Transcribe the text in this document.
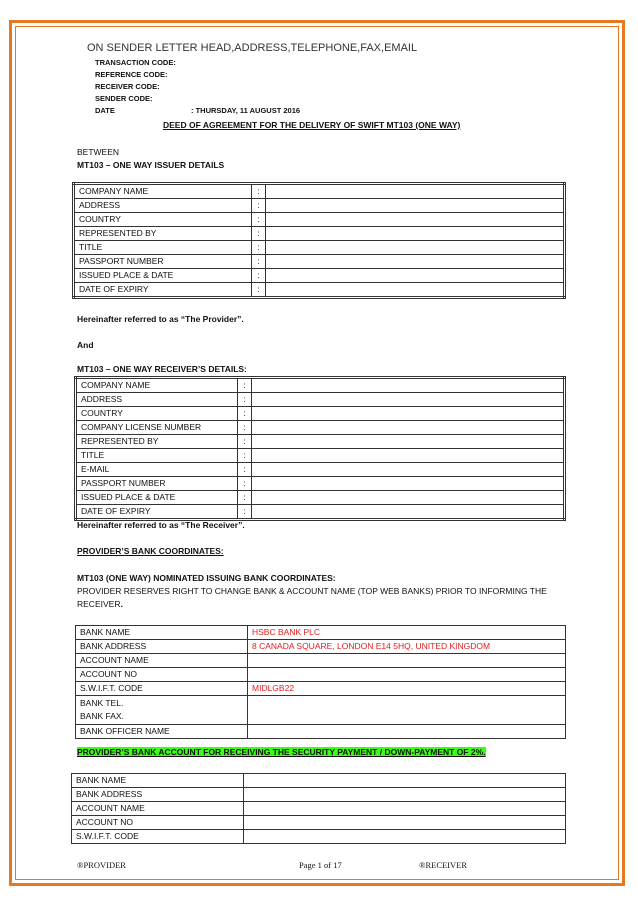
ON SENDER LETTER HEAD,ADDRESS,TELEPHONE,FAX,EMAIL
TRANSACTION CODE:
REFERENCE CODE:
RECEIVER CODE:
SENDER CODE:
DATE	: THURSDAY, 11 AUGUST 2016
DEED OF AGREEMENT FOR THE DELIVERY OF SWIFT MT103 (ONE WAY)
BETWEEN
MT103 – ONE WAY ISSUER DETAILS
COMPANY NAME	:	
ADDRESS	:	
COUNTRY	:	
REPRESENTED BY	:	
TITLE	:	
PASSPORT NUMBER	:	
ISSUED PLACE & DATE	:	
DATE OF EXPIRY	:	
Hereinafter referred to as “The Provider”.
And
MT103 – ONE WAY RECEIVER’S DETAILS:
COMPANY NAME	:	
ADDRESS	:	
COUNTRY	:	
COMPANY LICENSE NUMBER	:	
REPRESENTED BY	:	
TITLE	:	
E-MAIL	:	
PASSPORT NUMBER	:	
ISSUED PLACE & DATE	:	
DATE OF EXPIRY	:	
Hereinafter referred to as “The Receiver”.
PROVIDER’S BANK COORDINATES:
MT103 (ONE WAY) NOMINATED ISSUING BANK COORDINATES:
PROVIDER RESERVES RIGHT TO CHANGE BANK & ACCOUNT NAME (TOP WEB BANKS) PRIOR TO INFORMING THE
RECEIVER.
BANK NAME	HSBC BANK PLC
BANK ADDRESS	8 CANADA SQUARE, LONDON E14 5HQ, UNITED KINGDOM
ACCOUNT NAME	
ACCOUNT NO	
S.W.I.F.T. CODE	MIDLGB22

BANK TEL.
BANK FAX.	

BANK OFFICER NAME	
PROVIDER’S BANK ACCOUNT FOR RECEIVING THE SECURITY PAYMENT / DOWN-PAYMENT OF 2%.
BANK NAME	
BANK ADDRESS	
ACCOUNT NAME	
ACCOUNT NO	
S.W.I.F.T. CODE	
®PROVIDER	Page 1 of 17	®RECEIVER
